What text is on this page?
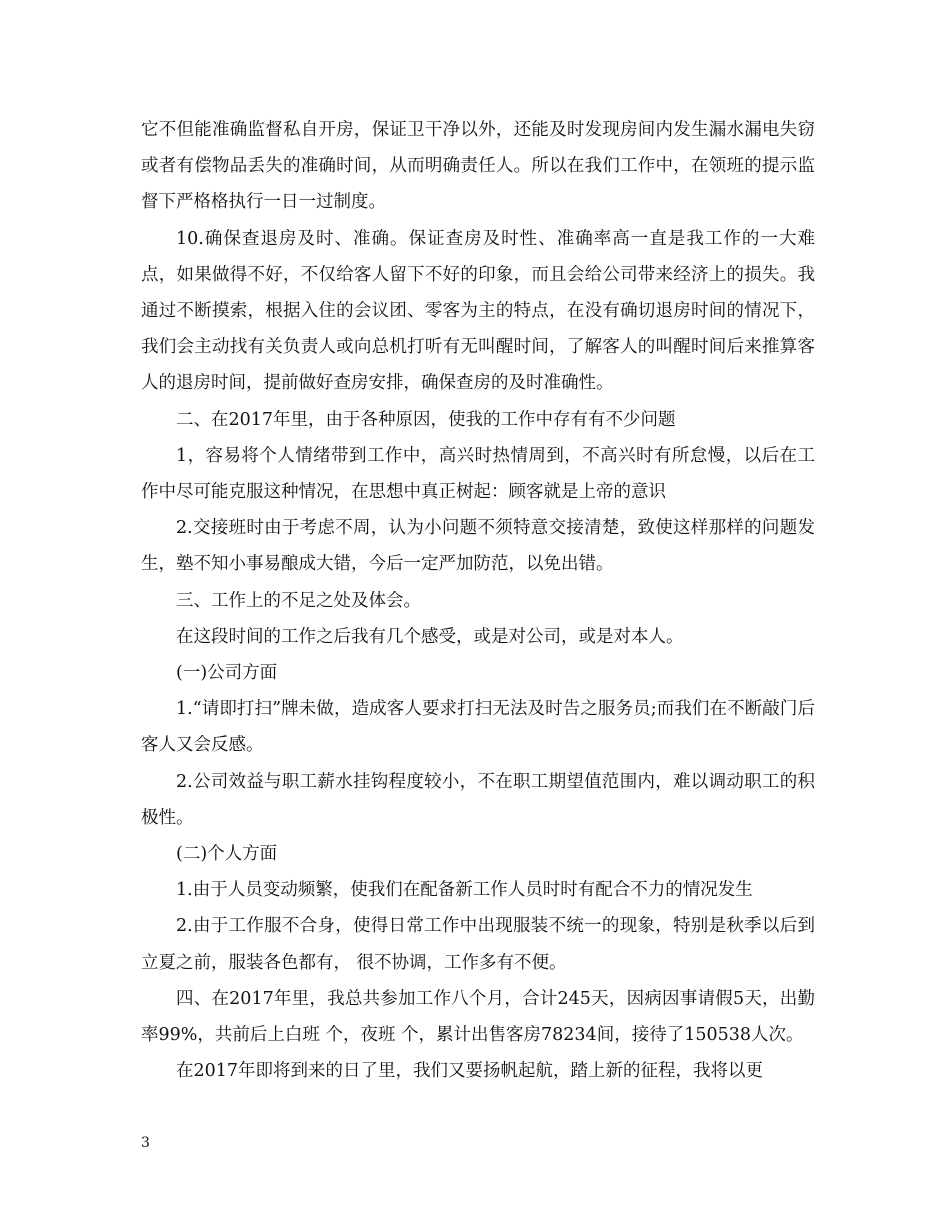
它不但能准确监督私自开房，保证卫干净以外，还能及时发现房间内发生漏水漏电失窃或者有偿物品丢失的准确时间，从而明确责任人。所以在我们工作中，在领班的提示监督下严格格执行一日一过制度。

10.确保查退房及时、准确。保证查房及时性、准确率高一直是我工作的一大难点，如果做得不好，不仅给客人留下不好的印象，而且会给公司带来经济上的损失。我通过不断摸索，根据入住的会议团、零客为主的特点，在没有确切退房时间的情况下，我们会主动找有关负责人或向总机打听有无叫醒时间，了解客人的叫醒时间后来推算客人的退房时间，提前做好查房安排，确保查房的及时准确性。

二、在2017年里，由于各种原因，使我的工作中存有有不少问题

1，容易将个人情绪带到工作中，高兴时热情周到，不高兴时有所怠慢，以后在工作中尽可能克服这种情况，在思想中真正树起：顾客就是上帝的意识

2.交接班时由于考虑不周，认为小问题不须特意交接清楚，致使这样那样的问题发生，塾不知小事易酿成大错，今后一定严加防范，以免出错。

三、工作上的不足之处及体会。

在这段时间的工作之后我有几个感受，或是对公司，或是对本人。

(一)公司方面

1.“请即打扫”牌未做，造成客人要求打扫无法及时告之服务员;而我们在不断敲门后客人又会反感。

2.公司效益与职工薪水挂钩程度较小，不在职工期望值范围内，难以调动职工的积极性。

(二)个人方面

1.由于人员变动频繁，使我们在配备新工作人员时时有配合不力的情况发生

2.由于工作服不合身，使得日常工作中出现服装不统一的现象，特别是秋季以后到立夏之前，服装各色都有， 很不协调，工作多有不便。

四、在2017年里，我总共参加工作八个月，合计245天，因病因事请假5天，出勤率99%，共前后上白班 个，夜班 个，累计出售客房78234间，接待了150538人次。

在2017年即将到来的日了里，我们又要扬帆起航，踏上新的征程，我将以更

3
